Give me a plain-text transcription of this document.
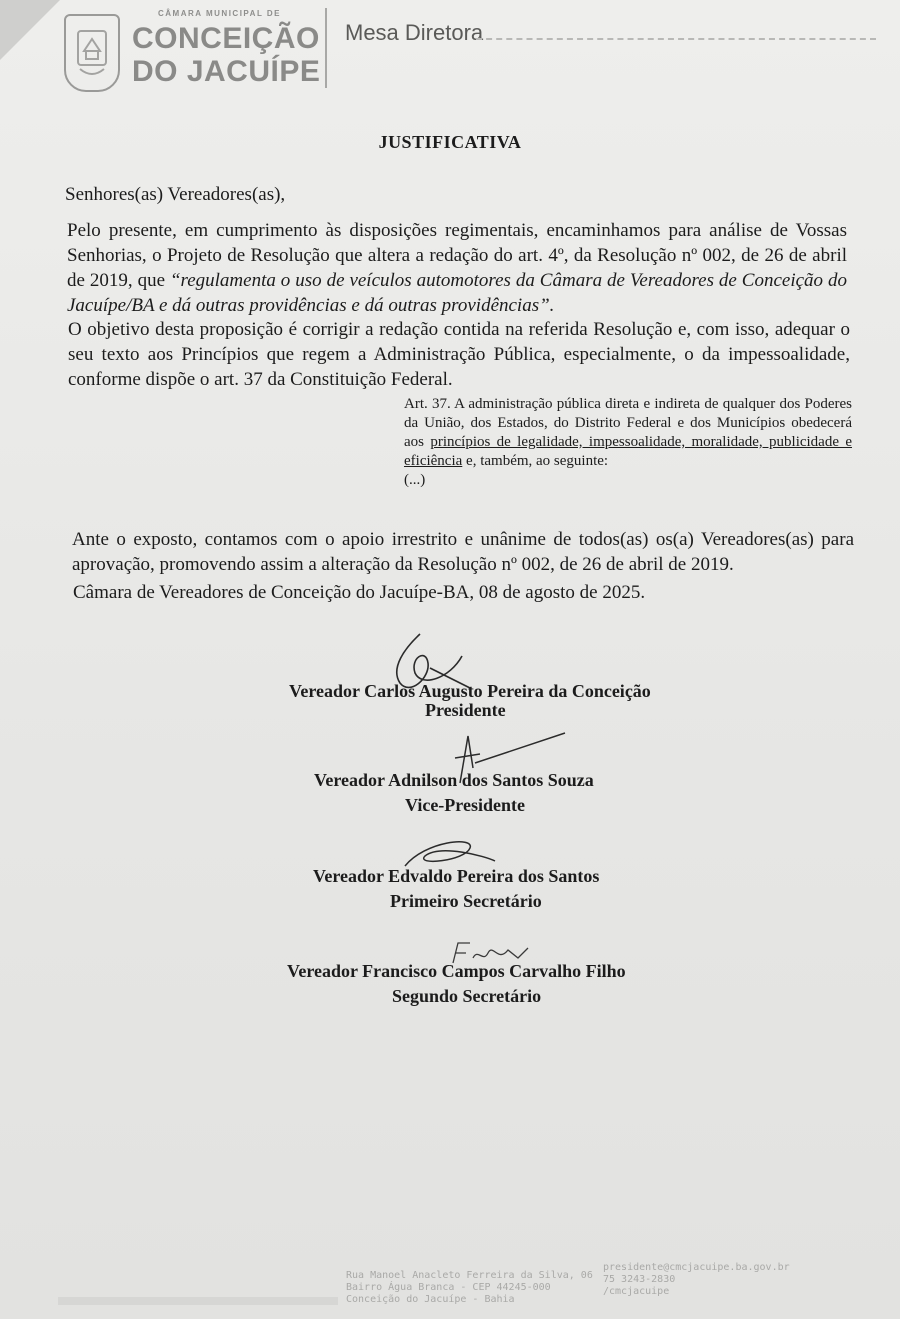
CÂMARA MUNICIPAL DE
CONCEIÇÃO
DO JACUÍPE
Mesa Diretora
JUSTIFICATIVA
Senhores(as) Vereadores(as),
Pelo presente, em cumprimento às disposições regimentais, encaminhamos para análise de Vossas Senhorias, o Projeto de Resolução que altera a redação do art. 4º, da Resolução nº 002, de 26 de abril de 2019, que “regulamenta o uso de veículos automotores da Câmara de Vereadores de Conceição do Jacuípe/BA e dá outras providências e dá outras providências”.
O objetivo desta proposição é corrigir a redação contida na referida Resolução e, com isso, adequar o seu texto aos Princípios que regem a Administração Pública, especialmente, o da impessoalidade, conforme dispõe o art. 37 da Constituição Federal.
Art. 37. A administração pública direta e indireta de qualquer dos Poderes da União, dos Estados, do Distrito Federal e dos Municípios obedecerá aos princípios de legalidade, impessoalidade, moralidade, publicidade e eficiência e, também, ao seguinte:
(...)
Ante o exposto, contamos com o apoio irrestrito e unânime de todos(as) os(a) Vereadores(as) para aprovação, promovendo assim a alteração da Resolução nº 002, de 26 de abril de 2019.
Câmara de Vereadores de Conceição do Jacuípe-BA, 08 de agosto de 2025.
Vereador Carlos Augusto Pereira da Conceição
Presidente
Vereador Adnilson dos Santos Souza
Vice-Presidente
Vereador Edvaldo Pereira dos Santos
Primeiro Secretário
Vereador Francisco Campos Carvalho Filho
Segundo Secretário
Rua Manoel Anacleto Ferreira da Silva, 06
Bairro Água Branca - CEP 44245-000
Conceição do Jacuípe - Bahia
presidente@cmcjacuipe.ba.gov.br
75 3243-2830
/cmcjacuipe
